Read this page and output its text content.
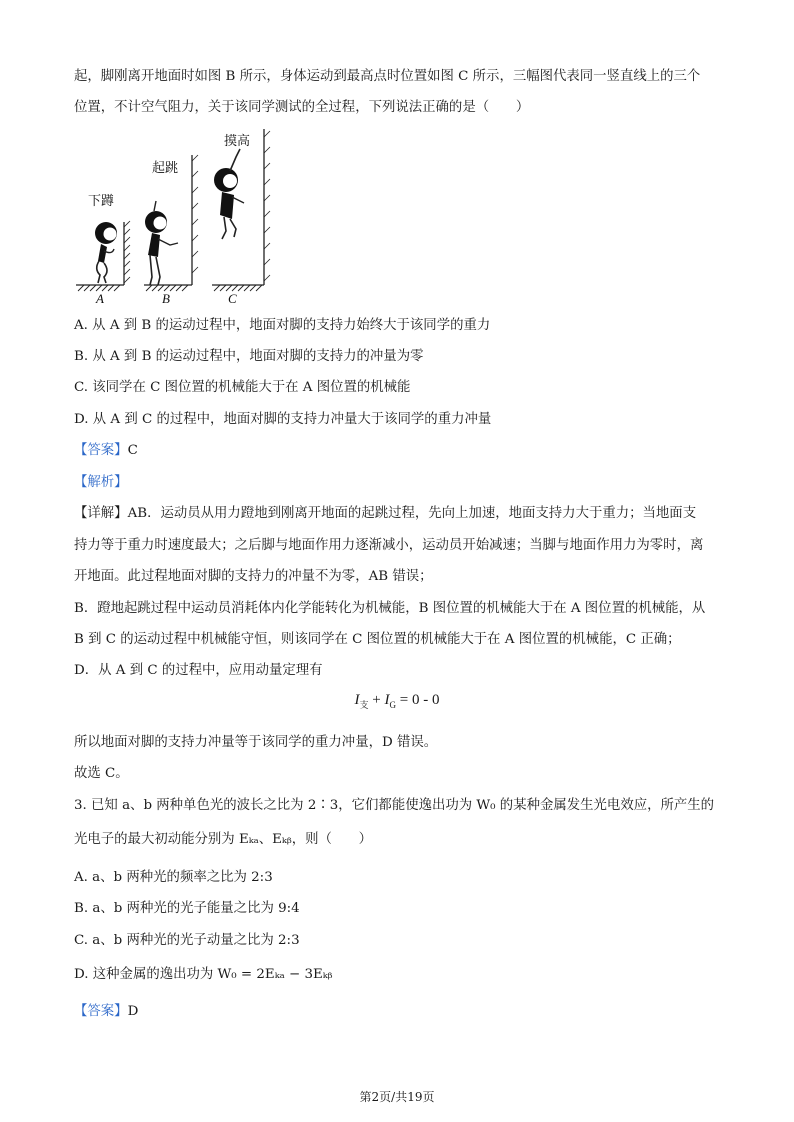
起，脚刚离开地面时如图 B 所示，身体运动到最高点时位置如图 C 所示，三幅图代表同一竖直线上的三个
位置，不计空气阻力，关于该同学测试的全过程，下列说法正确的是（　　）
下蹲
起跳
摸高
A	B	C
A. 从 A 到 B 的运动过程中，地面对脚的支持力始终大于该同学的重力
B. 从 A 到 B 的运动过程中，地面对脚的支持力的冲量为零
C. 该同学在 C 图位置的机械能大于在 A 图位置的机械能
D. 从 A 到 C 的过程中，地面对脚的支持力冲量大于该同学的重力冲量
【答案】C
【解析】
【详解】AB．运动员从用力蹬地到刚离开地面的起跳过程，先向上加速，地面支持力大于重力；当地面支
持力等于重力时速度最大；之后脚与地面作用力逐渐减小，运动员开始减速；当脚与地面作用力为零时，离
开地面。此过程地面对脚的支持力的冲量不为零，AB 错误；
B．蹬地起跳过程中运动员消耗体内化学能转化为机械能，B 图位置的机械能大于在 A 图位置的机械能，从
B 到 C 的运动过程中机械能守恒，则该同学在 C 图位置的机械能大于在 A 图位置的机械能，C 正确；
D．从 A 到 C 的过程中，应用动量定理有
$I_支 + I_G = 0 - 0$
所以地面对脚的支持力冲量等于该同学的重力冲量，D 错误。
故选 C。
3. 已知 a、b 两种单色光的波长之比为 2∶3，它们都能使逸出功为 W₀ 的某种金属发生光电效应，所产生的
光电子的最大初动能分别为 Eₖₐ、Eₖᵦ，则（　　）
A. a、b 两种光的频率之比为 2:3
B. a、b 两种光的光子能量之比为 9:4
C. a、b 两种光的光子动量之比为 2:3
D. 这种金属的逸出功为 W₀ = 2Eₖₐ − 3Eₖᵦ
【答案】D
第2页/共19页
